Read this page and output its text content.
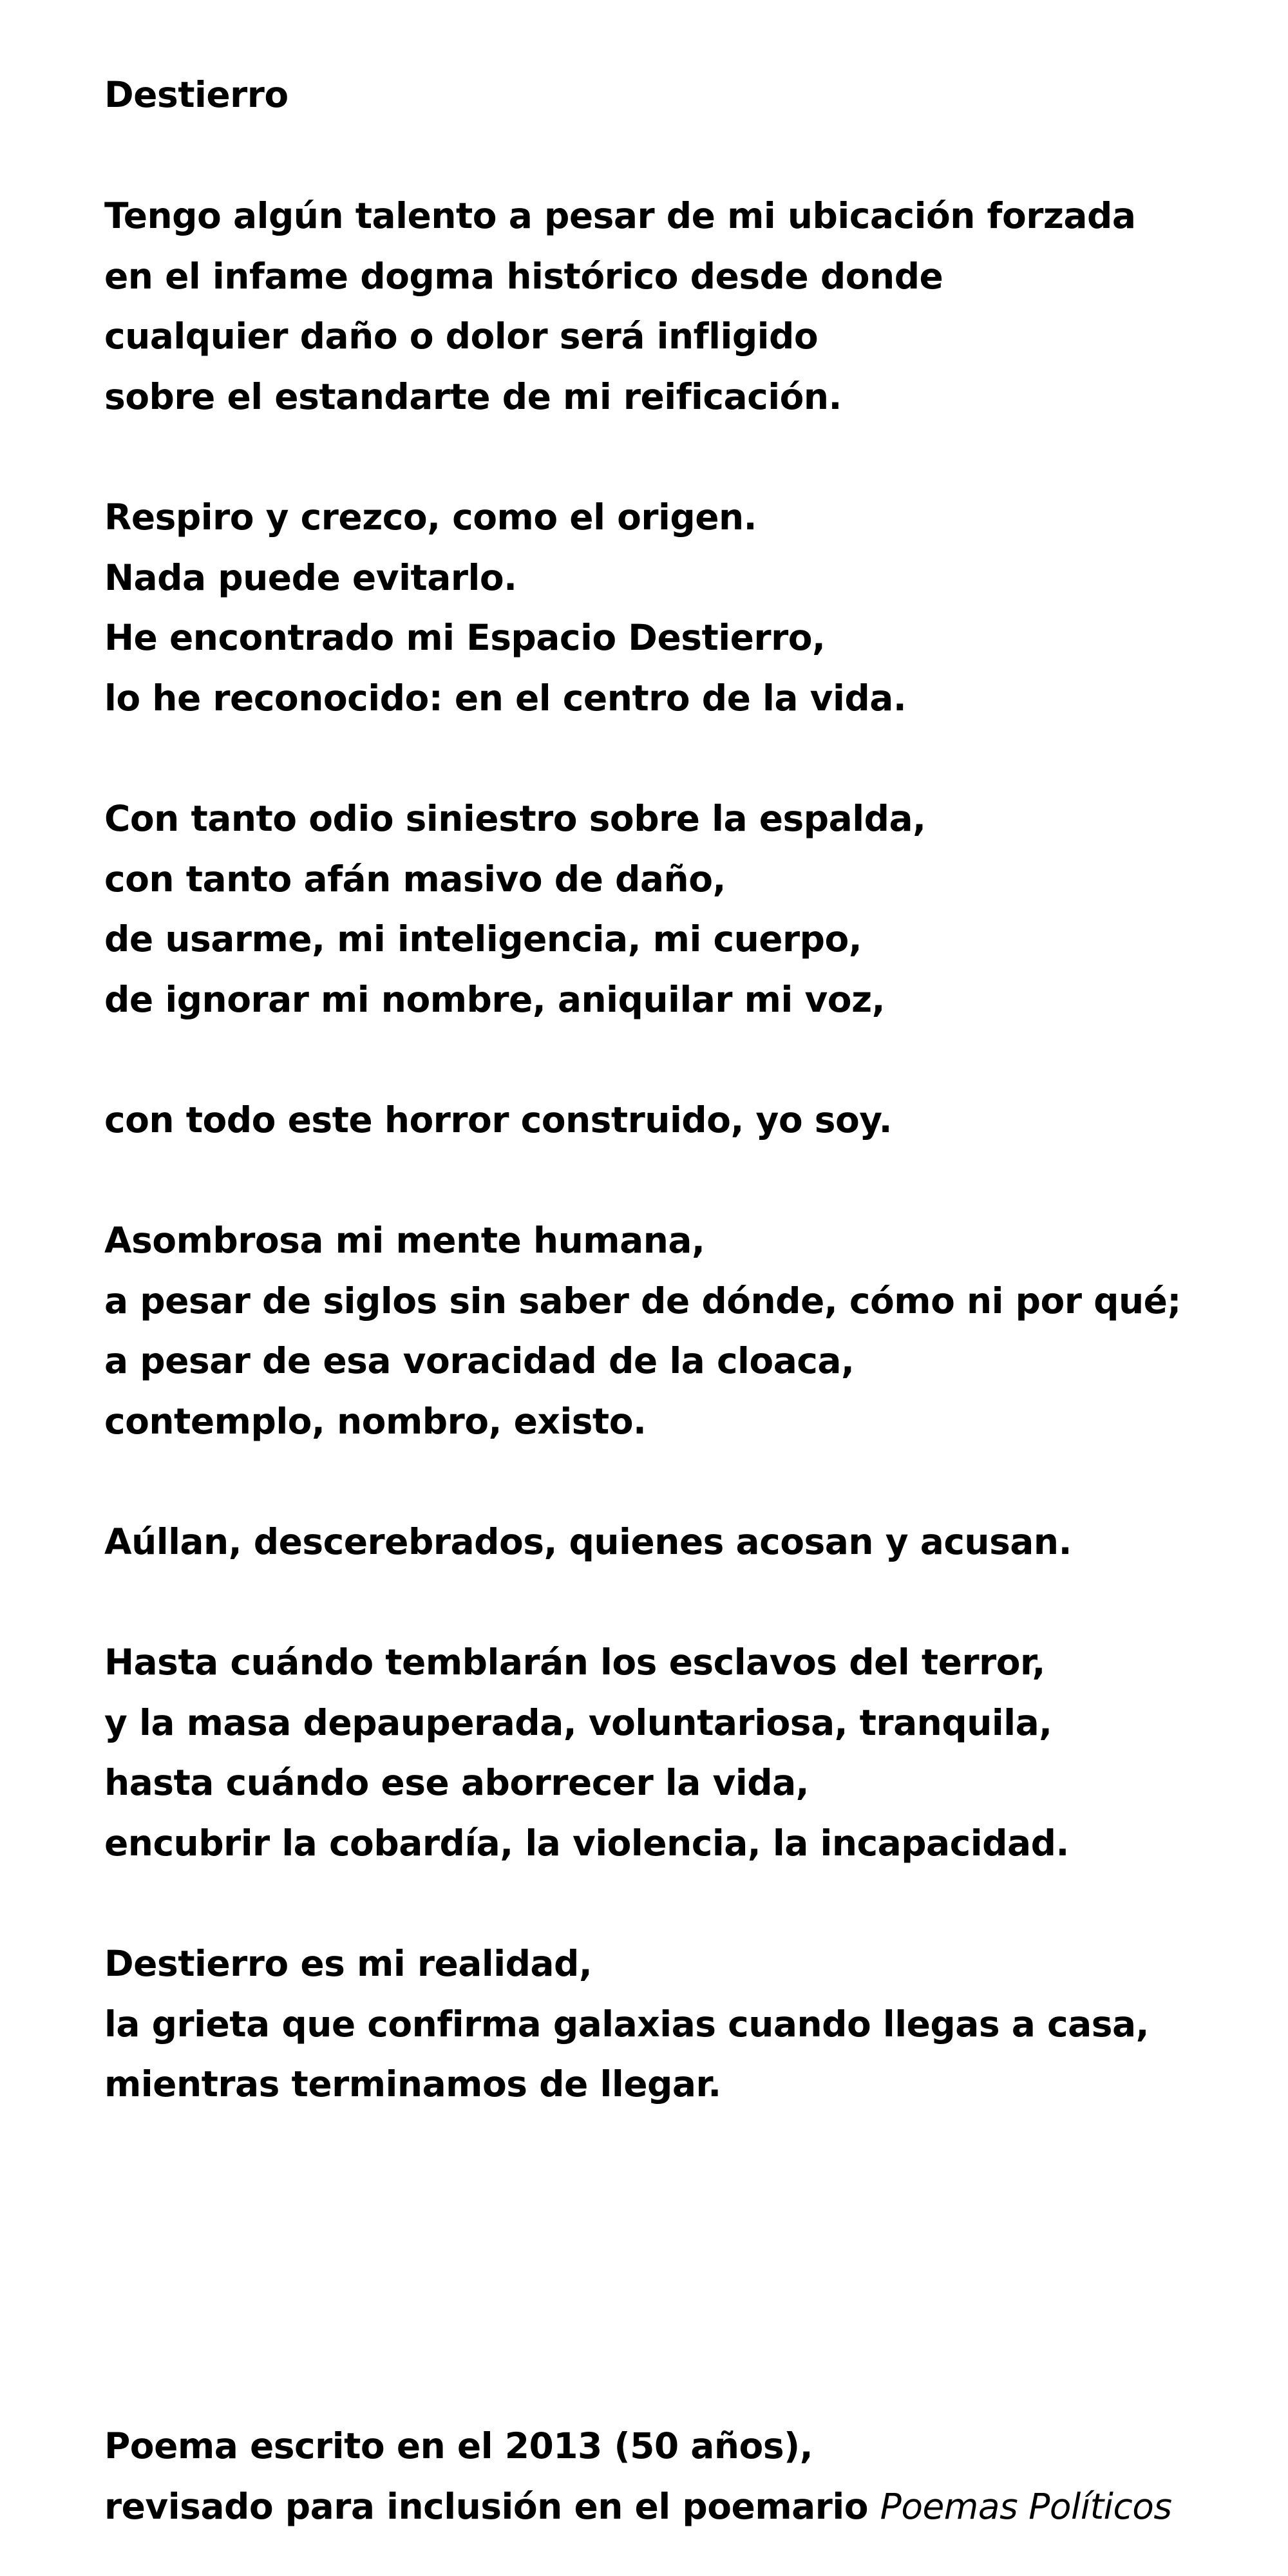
Destierro

Tengo algún talento a pesar de mi ubicación forzada

en el infame dogma histórico desde donde

cualquier daño o dolor será infligido

sobre el estandarte de mi reificación.

Respiro y crezco, como el origen.

Nada puede evitarlo.

He encontrado mi Espacio Destierro,

lo he reconocido: en el centro de la vida.

Con tanto odio siniestro sobre la espalda,

con tanto afán masivo de daño,

de usarme, mi inteligencia, mi cuerpo,

de ignorar mi nombre, aniquilar mi voz,

con todo este horror construido, yo soy.

Asombrosa mi mente humana,

a pesar de siglos sin saber de dónde, cómo ni por qué;

a pesar de esa voracidad de la cloaca,

contemplo, nombro, existo.

Aúllan, descerebrados, quienes acosan y acusan.

Hasta cuándo temblarán los esclavos del terror,

y la masa depauperada, voluntariosa, tranquila,

hasta cuándo ese aborrecer la vida,

encubrir la cobardía, la violencia, la incapacidad.

Destierro es mi realidad,

la grieta que confirma galaxias cuando llegas a casa,

mientras terminamos de llegar.

Poema escrito en el 2013 (50 años),

revisado para inclusión en el poemario Poemas Políticos
